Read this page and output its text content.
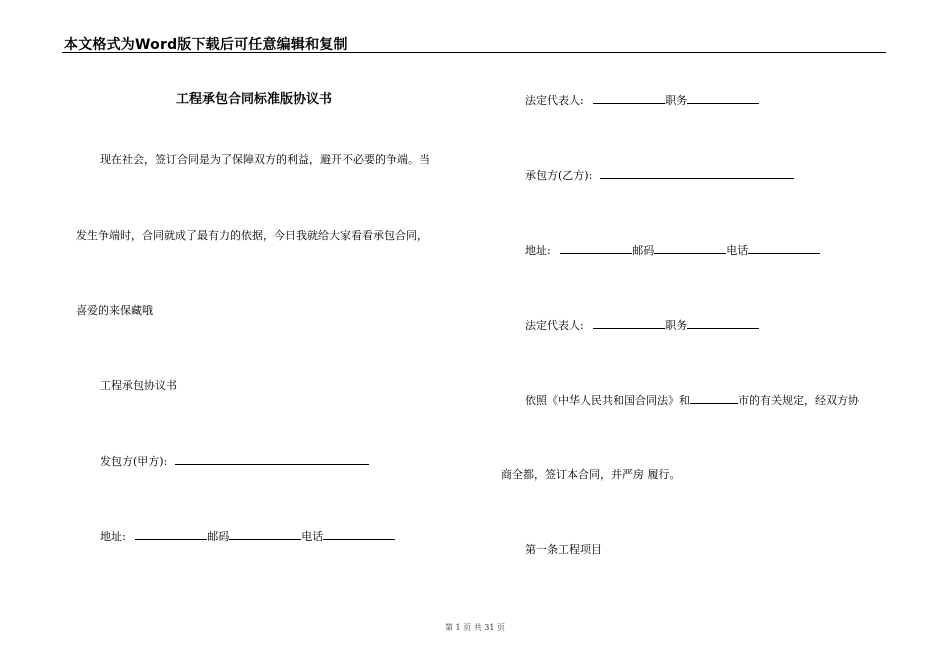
本文格式为Word版下载后可任意编辑和复制
工程承包合同标准版协议书
现在社会，签订合同是为了保障双方的利益，避开不必要的争端。当
发生争端时，合同就成了最有力的依据，今日我就给大家看看承包合同，
喜爱的来保藏哦
工程承包协议书
发包方(甲方):
地址:	邮码	电话
法定代表人:	职务
承包方(乙方):
地址:	邮码	电话
法定代表人:	职务
依照《中华人民共和国合同法》和	市的有关规定，经双方协
商全都，签订本合同，并严房 履行。
第一条工程项目
第 1 页 共 31 页
